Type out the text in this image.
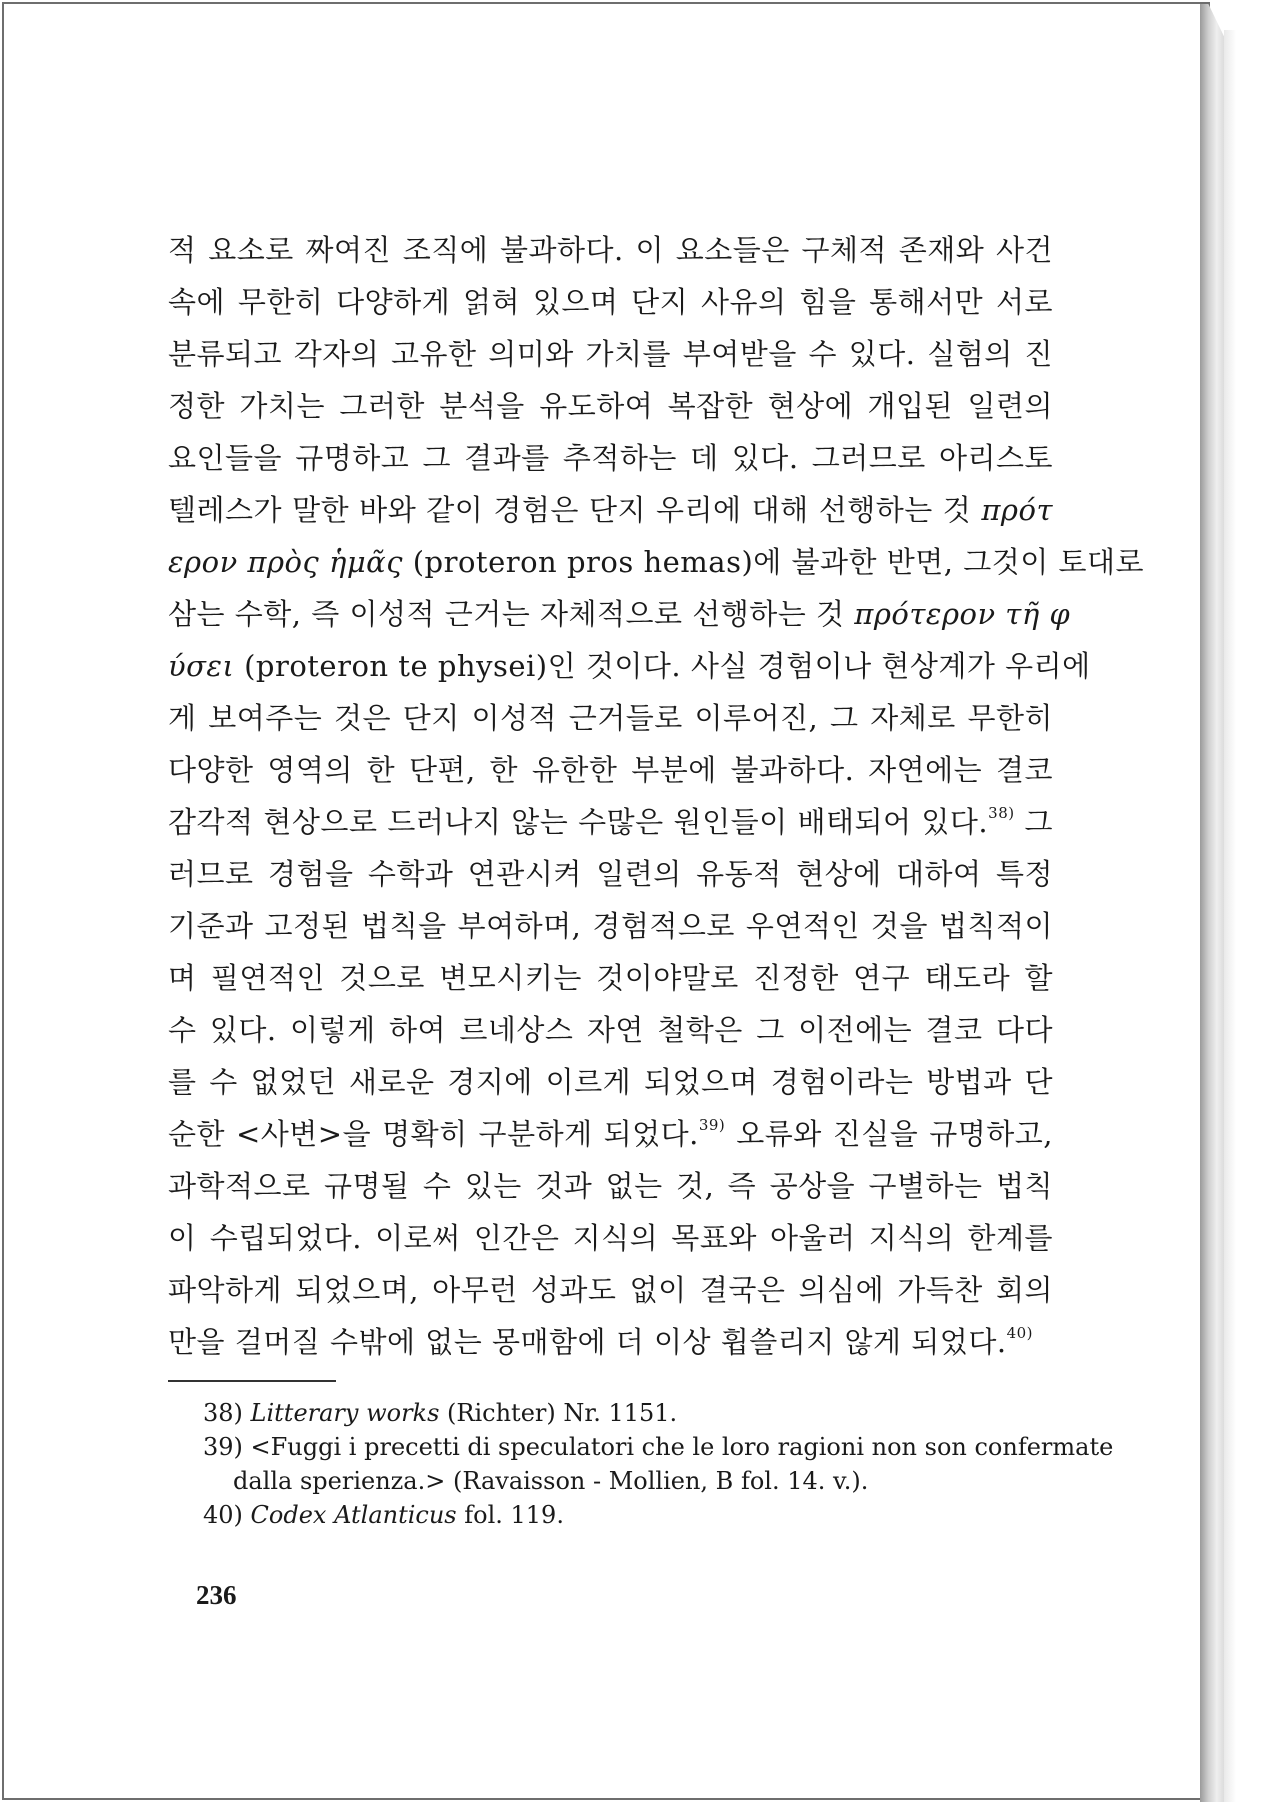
적 요소로 짜여진 조직에 불과하다. 이 요소들은 구체적 존재와 사건
속에 무한히 다양하게 얽혀 있으며 단지 사유의 힘을 통해서만 서로
분류되고 각자의 고유한 의미와 가치를 부여받을 수 있다. 실험의 진
정한 가치는 그러한 분석을 유도하여 복잡한 현상에 개입된 일련의
요인들을 규명하고 그 결과를 추적하는 데 있다. 그러므로 아리스토
텔레스가 말한 바와 같이 경험은 단지 우리에 대해 선행하는 것 πρότ
ερον πρὸς ἡμᾶς (proteron pros hemas)에 불과한 반면, 그것이 토대로
삼는 수학, 즉 이성적 근거는 자체적으로 선행하는 것 πρότερον τῆ φ
ύσει (proteron te physei)인 것이다. 사실 경험이나 현상계가 우리에
게 보여주는 것은 단지 이성적 근거들로 이루어진, 그 자체로 무한히
다양한 영역의 한 단편, 한 유한한 부분에 불과하다. 자연에는 결코
감각적 현상으로 드러나지 않는 수많은 원인들이 배태되어 있다.$^{38)}$ 그
러므로 경험을 수학과 연관시켜 일련의 유동적 현상에 대하여 특정
기준과 고정된 법칙을 부여하며, 경험적으로 우연적인 것을 법칙적이
며 필연적인 것으로 변모시키는 것이야말로 진정한 연구 태도라 할
수 있다. 이렇게 하여 르네상스 자연 철학은 그 이전에는 결코 다다
를 수 없었던 새로운 경지에 이르게 되었으며 경험이라는 방법과 단
순한 <사변>을 명확히 구분하게 되었다.$^{39)}$ 오류와 진실을 규명하고,
과학적으로 규명될 수 있는 것과 없는 것, 즉 공상을 구별하는 법칙
이 수립되었다. 이로써 인간은 지식의 목표와 아울러 지식의 한계를
파악하게 되었으며, 아무런 성과도 없이 결국은 의심에 가득찬 회의
만을 걸머질 수밖에 없는 몽매함에 더 이상 휩쓸리지 않게 되었다.$^{40)}$
38) Litterary works (Richter) Nr. 1151.
39) <Fuggi i precetti di speculatori che le loro ragioni non son confermate
dalla sperienza.> (Ravaisson - Mollien, B fol. 14. v.).
40) Codex Atlanticus fol. 119.
236
